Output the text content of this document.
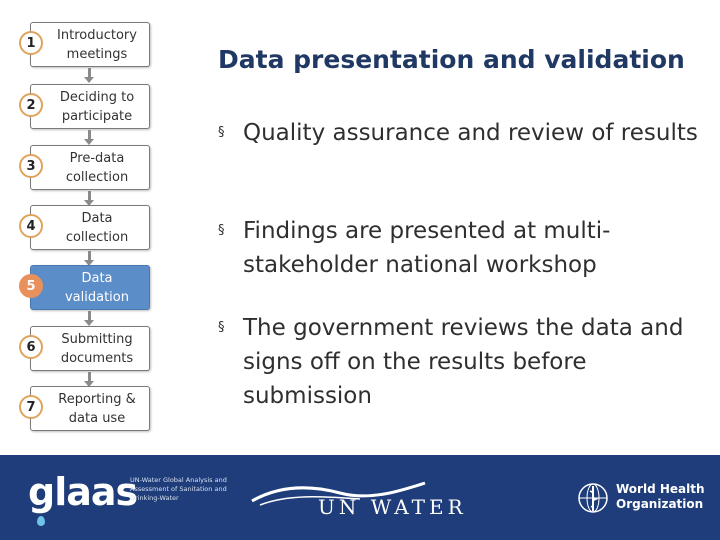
1
Introductory meetings
2
Deciding to participate
3
Pre-data collection
4
Data collection
5
Data validation
6
Submitting documents
7
Reporting & data use
Data presentation and validation
§ Quality assurance and review of results
§ Findings are presented at multi-stakeholder national workshop
§ The government reviews the data and signs off on the results before submission
glaas
UN-Water Global Analysis and Assessment of Sanitation and Drinking-Water	UN WATER
World Health
Organization
